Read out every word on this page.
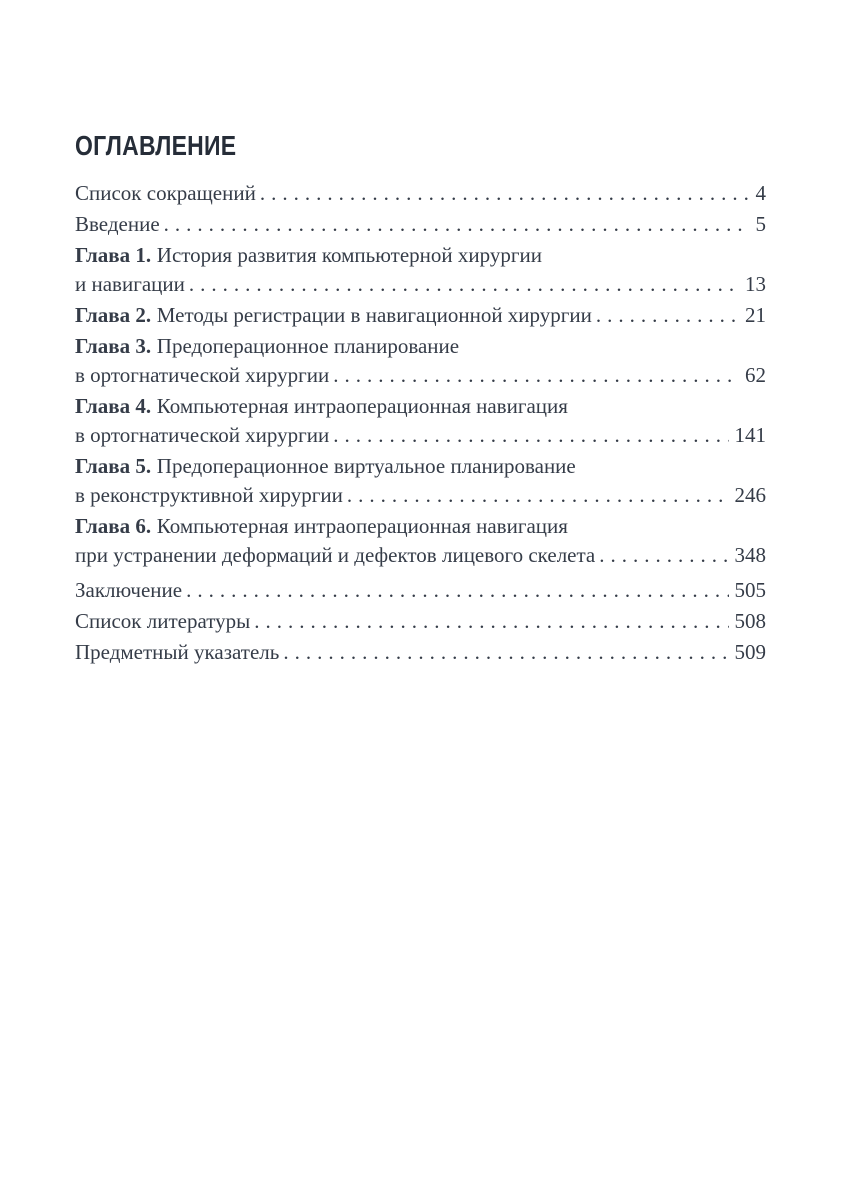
ОГЛАВЛЕНИЕ
Список сокращений .....	4
Введение .....	5
Глава 1. История развития компьютерной хирургии
и навигации .....	13
Глава 2. Методы регистрации в навигационной хирургии .....	21
Глава 3. Предоперационное планирование
в ортогнатической хирургии .....	62
Глава 4. Компьютерная интраоперационная навигация
в ортогнатической хирургии .....	141
Глава 5. Предоперационное виртуальное планирование
в реконструктивной хирургии .....	246
Глава 6. Компьютерная интраоперационная навигация
при устранении деформаций и дефектов лицевого скелета .....	348
Заключение .....	505
Список литературы .....	508
Предметный указатель .....	509
